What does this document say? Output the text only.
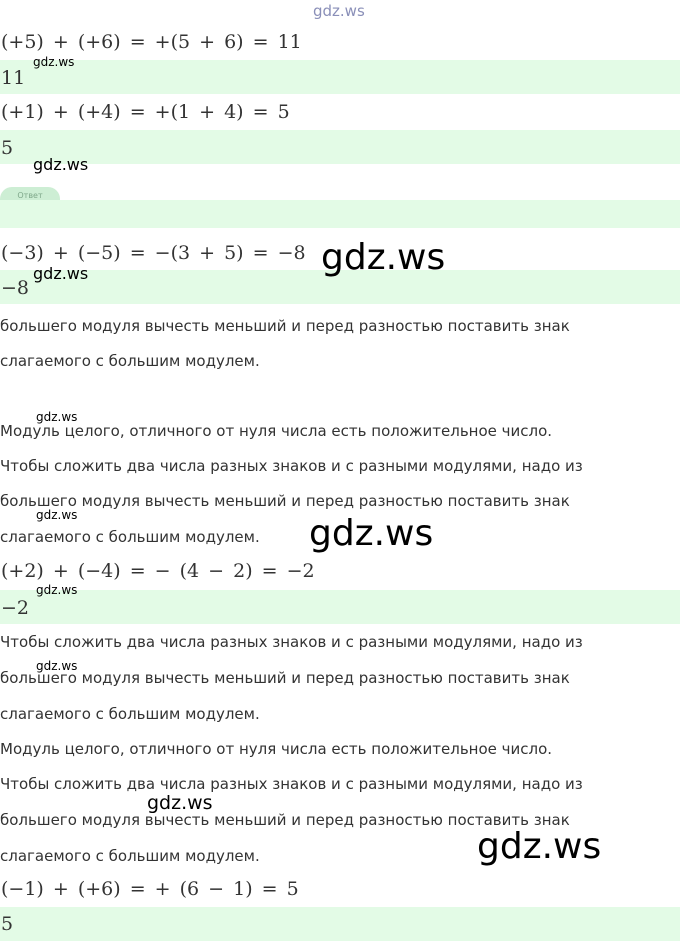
gdz.ws
(+5) + (+6) = +(5 + 6) = 11
11
gdz.ws
(+1) + (+4) = +(1 + 4) = 5
5
gdz.ws
Ответ
(−3) + (−5) = −(3 + 5) = −8
−8
gdz.ws
gdz.ws
большего модуля вычесть меньший и перед разностью поставить знак
слагаемого с большим модулем.
gdz.ws
Модуль целого, отличного от нуля числа есть положительное число.
Чтобы сложить два числа разных знаков и с разными модулями, надо из
большего модуля вычесть меньший и перед разностью поставить знак
gdz.ws
слагаемого с большим модулем. gdz.ws
(+2) + (−4) = − (4 − 2) = −2
−2
gdz.ws
Чтобы сложить два числа разных знаков и с разными модулями, надо из
gdz.ws
большего модуля вычесть меньший и перед разностью поставить знак
слагаемого с большим модулем.
Модуль целого, отличного от нуля числа есть положительное число.
Чтобы сложить два числа разных знаков и с разными модулями, надо из
gdz.ws
большего модуля вычесть меньший и перед разностью поставить знак
слагаемого с большим модулем.	gdz.ws
(−1) + (+6) = + (6 − 1) = 5
5
